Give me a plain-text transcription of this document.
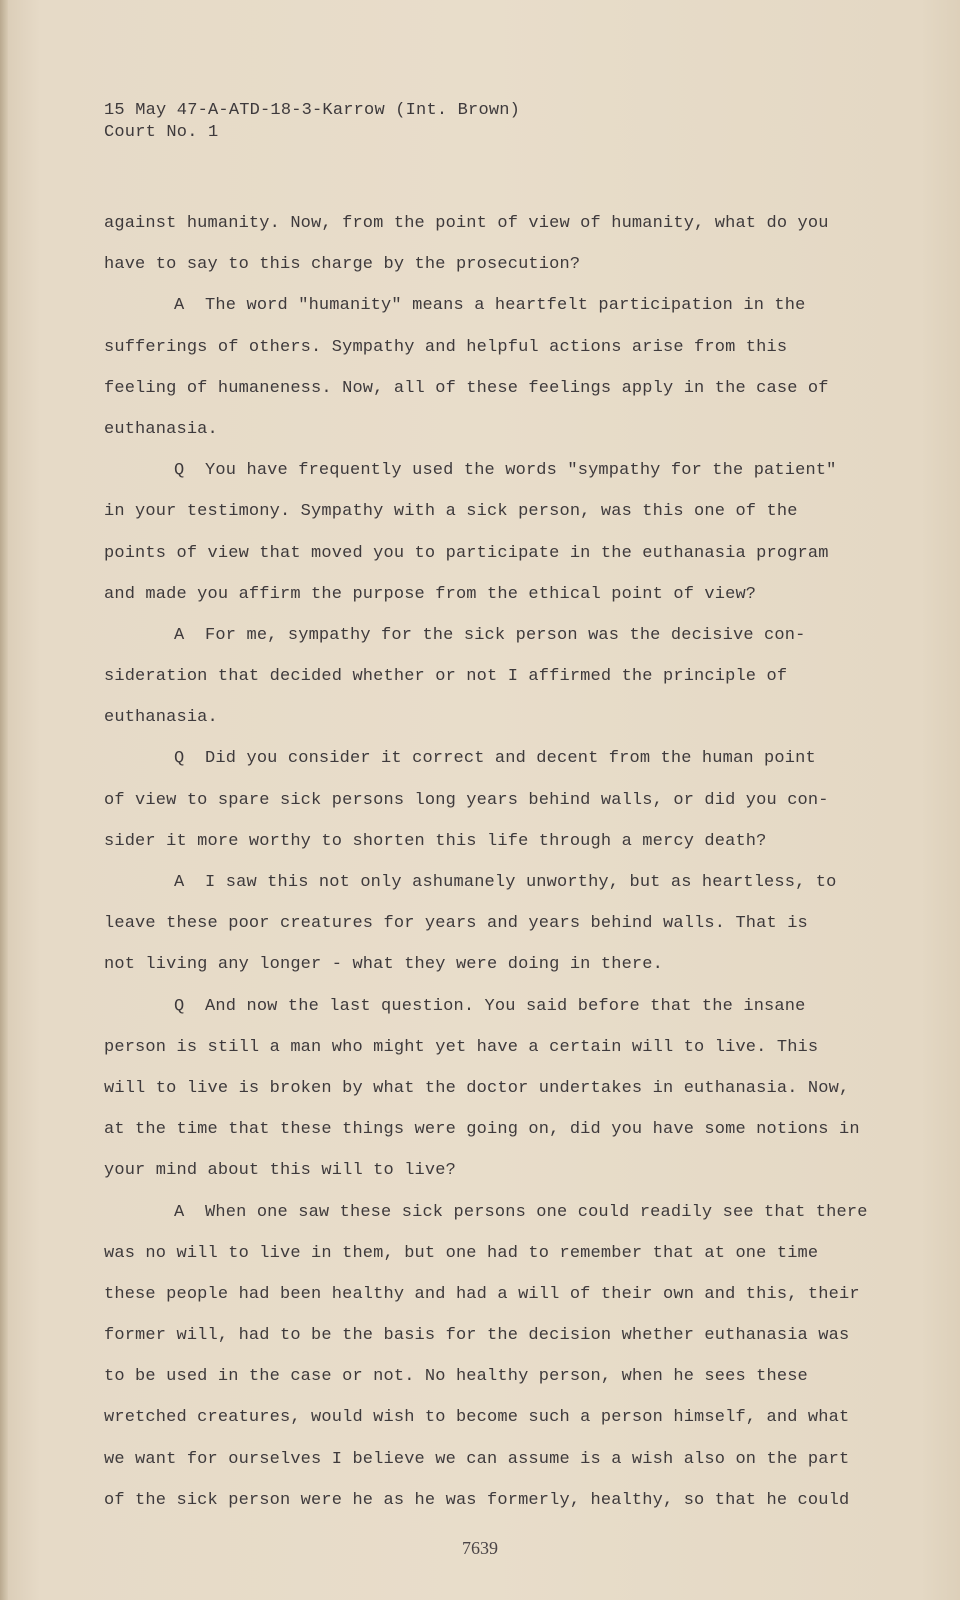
15 May 47-A-ATD-18-3-Karrow (Int. Brown)
Court No. 1
against humanity. Now, from the point of view of humanity, what do you
have to say to this charge by the prosecution?
A  The word "humanity" means a heartfelt participation in the
sufferings of others. Sympathy and helpful actions arise from this
feeling of humaneness. Now, all of these feelings apply in the case of
euthanasia.
Q  You have frequently used the words "sympathy for the patient"
in your testimony. Sympathy with a sick person, was this one of the
points of view that moved you to participate in the euthanasia program
and made you affirm the purpose from the ethical point of view?
A  For me, sympathy for the sick person was the decisive con-
sideration that decided whether or not I affirmed the principle of
euthanasia.
Q  Did you consider it correct and decent from the human point
of view to spare sick persons long years behind walls, or did you con-
sider it more worthy to shorten this life through a mercy death?
A  I saw this not only ashumanely unworthy, but as heartless, to
leave these poor creatures for years and years behind walls. That is
not living any longer - what they were doing in there.
Q  And now the last question. You said before that the insane
person is still a man who might yet have a certain will to live. This
will to live is broken by what the doctor undertakes in euthanasia. Now,
at the time that these things were going on, did you have some notions in
your mind about this will to live?
A  When one saw these sick persons one could readily see that there
was no will to live in them, but one had to remember that at one time
these people had been healthy and had a will of their own and this, their
former will, had to be the basis for the decision whether euthanasia was
to be used in the case or not. No healthy person, when he sees these
wretched creatures, would wish to become such a person himself, and what
we want for ourselves I believe we can assume is a wish also on the part
of the sick person were he as he was formerly, healthy, so that he could
7639
